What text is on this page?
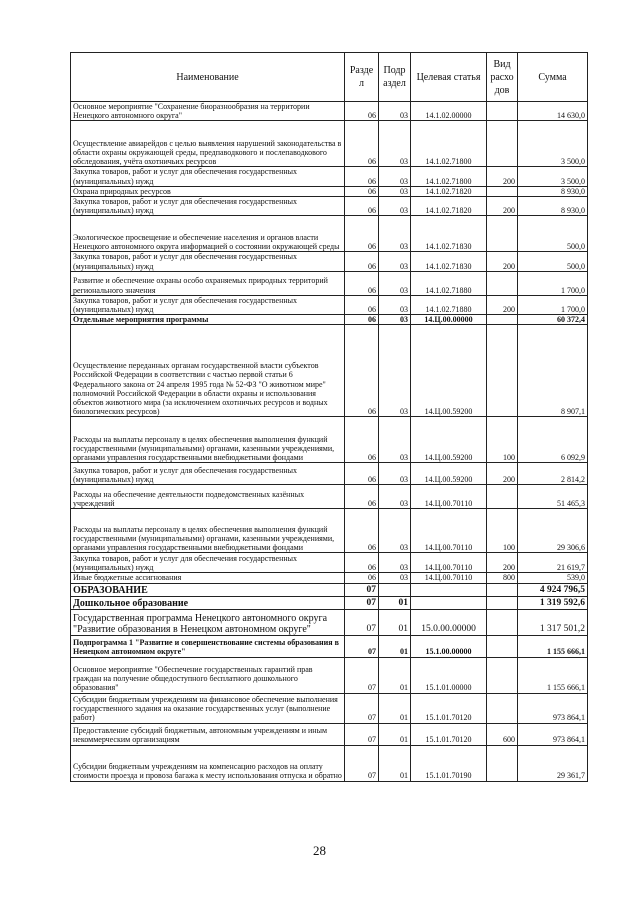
Наименование	Разде л	Подр аздел	Целевая статья	Вид расхо дов	Сумма
Основное мероприятие "Сохранение биоразнообразия на территории Ненецкого автономного округа"	06	03	14.1.02.00000		14 630,0
Осуществление авиарейдов с целью выявления нарушений законодательства в области охраны окружающей среды, предпаводкового и послепаводкового обследования, учёта охотничьих ресурсов	06	03	14.1.02.71800		3 500,0
Закупка товаров, работ и услуг для обеспечения государственных (муниципальных) нужд	06	03	14.1.02.71800	200	3 500,0
Охрана природных ресурсов	06	03	14.1.02.71820		8 930,0
Закупка товаров, работ и услуг для обеспечения государственных (муниципальных) нужд	06	03	14.1.02.71820	200	8 930,0
Экологическое просвещение и обеспечение населения и органов власти Ненецкого автономного округа информацией о состоянии окружающей среды	06	03	14.1.02.71830		500,0
Закупка товаров, работ и услуг для обеспечения государственных (муниципальных) нужд	06	03	14.1.02.71830	200	500,0
Развитие и обеспечение охраны особо охраняемых природных территорий регионального значения	06	03	14.1.02.71880		1 700,0
Закупка товаров, работ и услуг для обеспечения государственных (муниципальных) нужд	06	03	14.1.02.71880	200	1 700,0
Отдельные мероприятия программы	06	03	14.Ц.00.00000		60 372,4
Осуществление переданных органам государственной власти субъектов Российской Федерации в соответствии с частью первой статьи 6 Федерального закона от 24 апреля 1995 года № 52-ФЗ "О животном мире" полномочий Российской Федерации в области охраны и использования объектов животного мира (за исключением охотничьих ресурсов и водных биологических ресурсов)	06	03	14.Ц.00.59200		8 907,1
Расходы на выплаты персоналу в целях обеспечения выполнения функций государственными (муниципальными) органами, казенными учреждениями, органами управления государственными внебюджетными фондами	06	03	14.Ц.00.59200	100	6 092,9
Закупка товаров, работ и услуг для обеспечения государственных (муниципальных) нужд	06	03	14.Ц.00.59200	200	2 814,2
Расходы на обеспечение деятельности подведомственных казённых учреждений	06	03	14.Ц.00.70110		51 465,3
Расходы на выплаты персоналу в целях обеспечения выполнения функций государственными (муниципальными) органами, казенными учреждениями, органами управления государственными внебюджетными фондами	06	03	14.Ц.00.70110	100	29 306,6
Закупка товаров, работ и услуг для обеспечения государственных (муниципальных) нужд	06	03	14.Ц.00.70110	200	21 619,7
Иные бюджетные ассигнования	06	03	14.Ц.00.70110	800	539,0
ОБРАЗОВАНИЕ	07				4 924 796,5
Дошкольное образование	07	01			1 319 592,6
Государственная программа Ненецкого автономного округа "Развитие образования в Ненецком автономном округе"	07	01	15.0.00.00000		1 317 501,2
Подпрограмма 1 "Развитие и совершенствование системы образования в Ненецком автономном округе"	07	01	15.1.00.00000		1 155 666,1
Основное мероприятие "Обеспечение государственных гарантий прав граждан на получение общедоступного бесплатного дошкольного образования"	07	01	15.1.01.00000		1 155 666,1
Субсидии бюджетным учреждениям на финансовое обеспечение выполнения государственного задания на оказание государственных услуг (выполнение работ)	07	01	15.1.01.70120		973 864,1
Предоставление субсидий бюджетным, автономным учреждениям и иным некоммерческим организациям	07	01	15.1.01.70120	600	973 864,1
Субсидии бюджетным учреждениям на компенсацию расходов на оплату стоимости проезда и провоза багажа к месту использования отпуска и обратно	07	01	15.1.01.70190		29 361,7
28
